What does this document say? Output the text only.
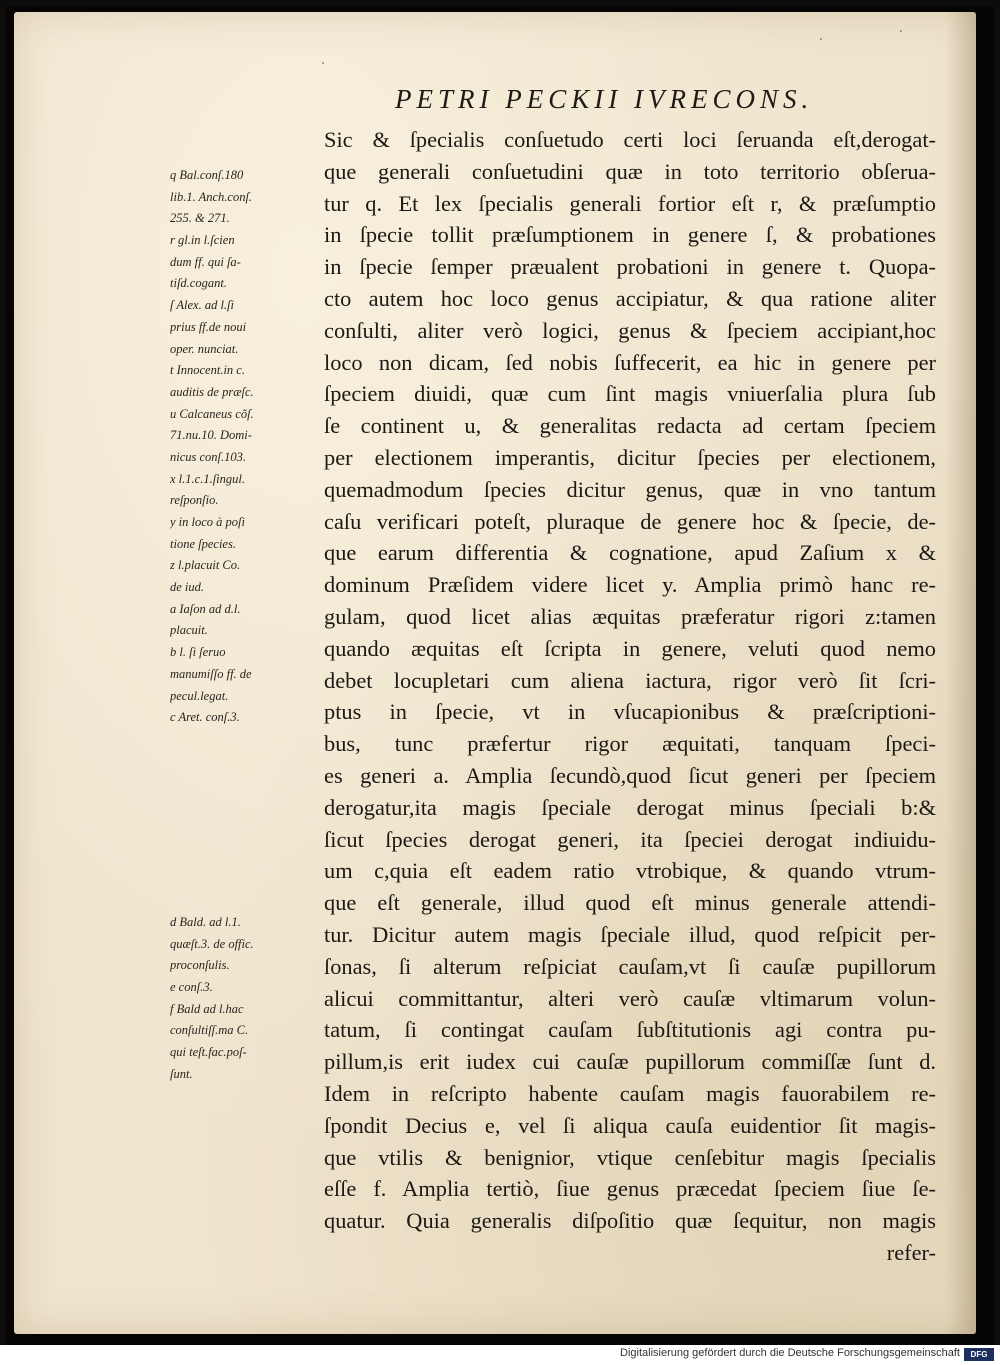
PETRI PECKII IVRECONS.
Sic & ſpecialis conſuetudo certi loci ſeruanda eſt,derogat-
que generali conſuetudini quæ in toto territorio obſerua-
tur q. Et lex ſpecialis generali fortior eſt r, & præſumptio
in ſpecie tollit præſumptionem in genere ſ, & probationes
in ſpecie ſemper præualent probationi in genere t. Quopa-
cto autem hoc loco genus accipiatur, & qua ratione aliter
conſulti, aliter verò logici, genus & ſpeciem accipiant,hoc
loco non dicam, ſed nobis ſuffecerit, ea hic in genere per
ſpeciem diuidi, quæ cum ſint magis vniuerſalia plura ſub
ſe continent u, & generalitas redacta ad certam ſpeciem
per electionem imperantis, dicitur ſpecies per electionem,
quemadmodum ſpecies dicitur genus, quæ in vno tantum
caſu verificari poteſt, pluraque de genere hoc & ſpecie, de-
que earum differentia & cognatione, apud Zaſium x &
dominum Præſidem videre licet y. Amplia primò hanc re-
gulam, quod licet alias æquitas præferatur rigori z:tamen
quando æquitas eſt ſcripta in genere, veluti quod nemo
debet locupletari cum aliena iactura, rigor verò ſit ſcri-
ptus in ſpecie, vt in vſucapionibus & præſcriptioni-
bus, tunc præfertur rigor æquitati, tanquam ſpeci-
es generi a. Amplia ſecundò,quod ſicut generi per ſpeciem
derogatur,ita magis ſpeciale derogat minus ſpeciali b:&
ſicut ſpecies derogat generi, ita ſpeciei derogat indiuidu-
um c,quia eſt eadem ratio vtrobique, & quando vtrum-
que eſt generale, illud quod eſt minus generale attendi-
tur. Dicitur autem magis ſpeciale illud, quod reſpicit per-
ſonas, ſi alterum reſpiciat cauſam,vt ſi cauſæ pupillorum
alicui committantur, alteri verò cauſæ vltimarum volun-
tatum, ſi contingat cauſam ſubſtitutionis agi contra pu-
pillum,is erit iudex cui cauſæ pupillorum commiſſæ ſunt d.
Idem in reſcripto habente cauſam magis fauorabilem re-
ſpondit Decius e, vel ſi aliqua cauſa euidentior ſit magis-
que vtilis & benignior, vtique cenſebitur magis ſpecialis
eſſe f. Amplia tertiò, ſiue genus præcedat ſpeciem ſiue ſe-
quatur. Quia generalis diſpoſitio quæ ſequitur, non magis
refer-
q Bal.conſ.180
lib.1. Anch.conſ.
255. & 271.
r gl.in l.ſcien
dum ff. qui ſa-
tiſd.cogant.
ſ Alex. ad l.ſi
prius ff.de noui
oper. nunciat.
t Innocent.in c.
auditis de præſc.
u Calcaneus cõſ.
71.nu.10. Domi-
nicus conſ.103.
x l.1.c.1.ſingul.
reſponſio.
y in loco à poſi
tione ſpecies.
z l.placuit Co.
de iud.
a Iaſon ad d.l.
placuit.
b l. ſi ſeruo
manumiſſo ff. de
pecul.legat.
c Aret. conſ.3.
d Bald. ad l.1.
quæſt.3. de offic.
proconſulis.
e conſ.3.
f Bald ad l.hac
conſultiſſ.ma C.
qui teſt.fac.poſ-
ſunt.
Digitalisierung gefördert durch die Deutsche Forschungsgemeinschaft	DFG
